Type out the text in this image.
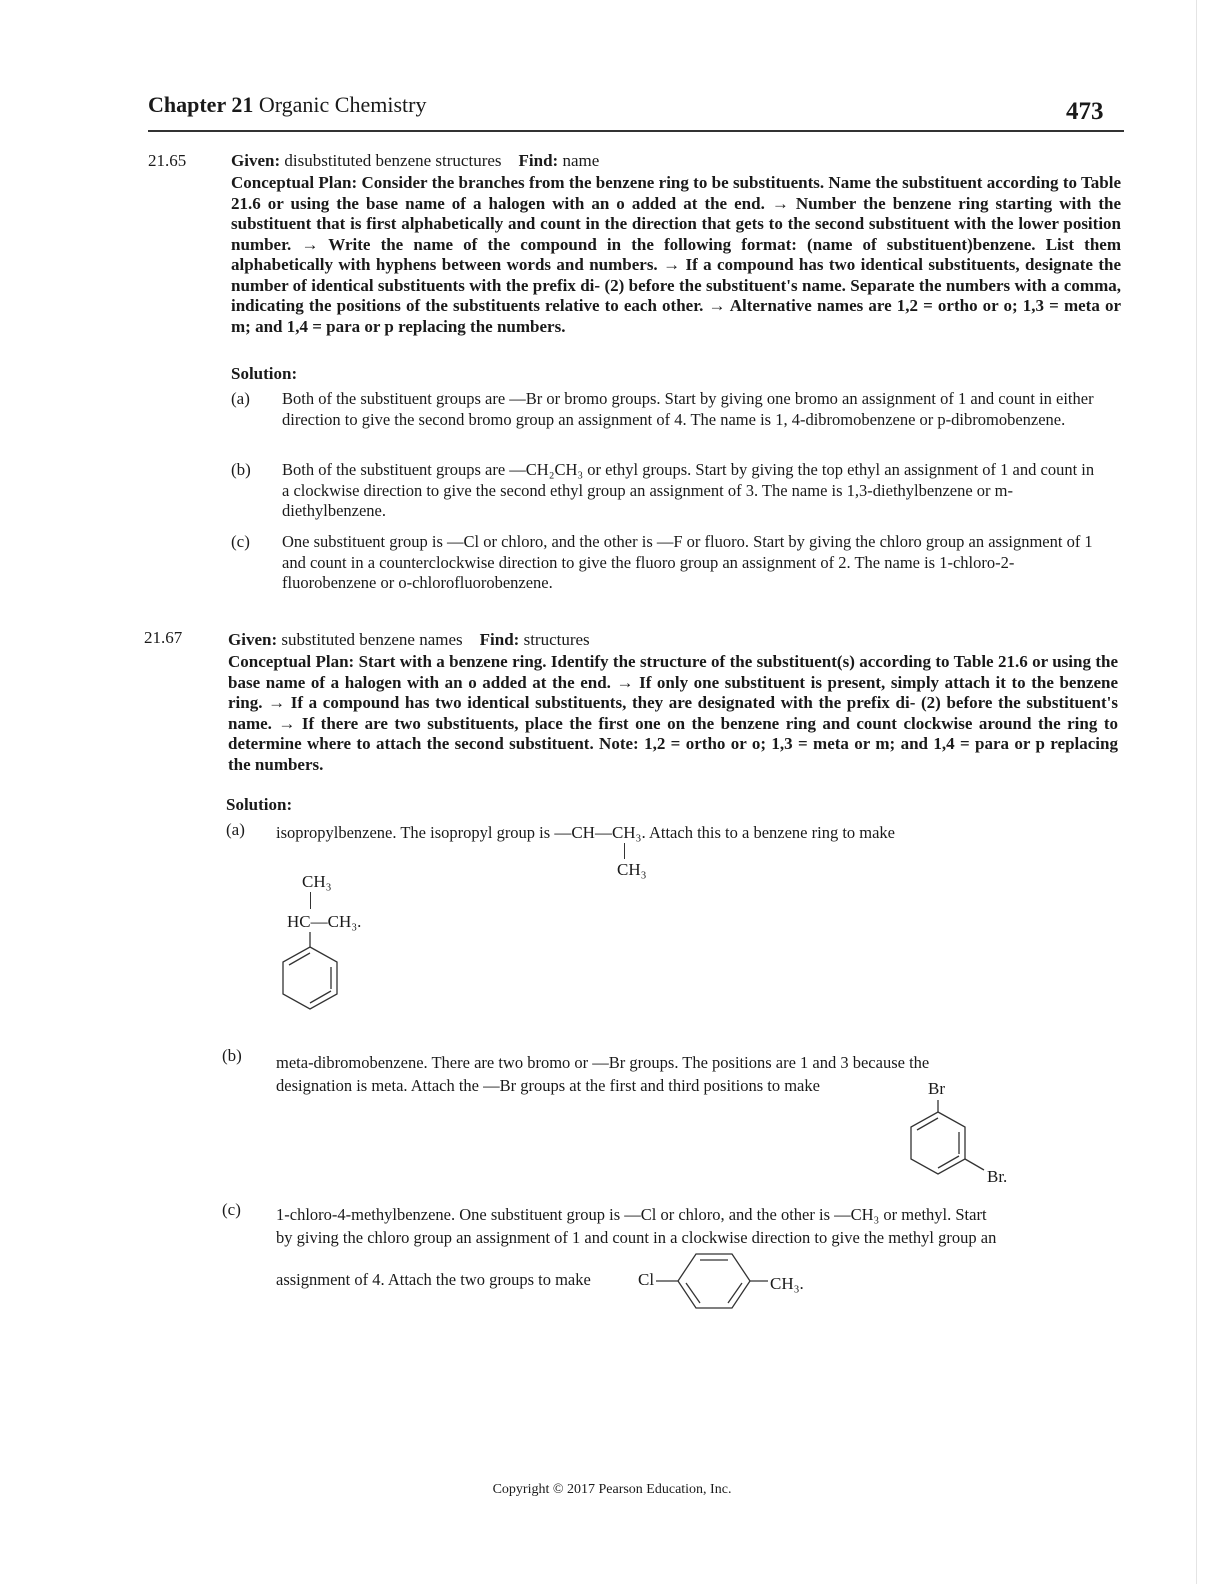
Chapter 21 Organic Chemistry	473
21.65	Given: disubstituted benzene structures Find: name
Conceptual Plan: Consider the branches from the benzene ring to be substituents. Name the substituent according to Table 21.6 or using the base name of a halogen with an o added at the end. → Number the benzene ring starting with the substituent that is first alphabetically and count in the direction that gets to the second substituent with the lower position number. → Write the name of the compound in the following format: (name of substituent)benzene. List them alphabetically with hyphens between words and numbers. → If a compound has two identical substituents, designate the number of identical substituents with the prefix di- (2) before the substituent's name. Separate the numbers with a comma, indicating the positions of the substituents relative to each other. → Alternative names are 1,2 = ortho or o; 1,3 = meta or m; and 1,4 = para or p replacing the numbers.
Solution:
(a) Both of the substituent groups are —Br or bromo groups. Start by giving one bromo an assignment of 1 and count in either direction to give the second bromo group an assignment of 4. The name is 1, 4-dibromobenzene or p-dibromobenzene.
(b) Both of the substituent groups are —CH₂CH₃ or ethyl groups. Start by giving the top ethyl an assignment of 1 and count in a clockwise direction to give the second ethyl group an assignment of 3. The name is 1,3-diethylbenzene or m-diethylbenzene.
(c) One substituent group is —Cl or chloro, and the other is —F or fluoro. Start by giving the chloro group an assignment of 1 and count in a counterclockwise direction to give the fluoro group an assignment of 2. The name is 1-chloro-2-fluorobenzene or o-chlorofluorobenzene.
21.67	Given: substituted benzene names Find: structures
Conceptual Plan: Start with a benzene ring. Identify the structure of the substituent(s) according to Table 21.6 or using the base name of a halogen with an o added at the end. → If only one substituent is present, simply attach it to the benzene ring. → If a compound has two identical substituents, they are designated with the prefix di- (2) before the substituent's name. → If there are two substituents, place the first one on the benzene ring and count clockwise around the ring to determine where to attach the second substituent. Note: 1,2 = ortho or o; 1,3 = meta or m; and 1,4 = para or p replacing the numbers.
Solution:
(a) isopropylbenzene. The isopropyl group is —CH—CH₃. Attach this to a benzene ring to make
CH₃
CH₃
HC—CH₃.
(b) meta-dibromobenzene. There are two bromo or —Br groups. The positions are 1 and 3 because the
designation is meta. Attach the —Br groups at the first and third positions to make	Br
Br.
(c) 1-chloro-4-methylbenzene. One substituent group is —Cl or chloro, and the other is —CH₃ or methyl. Start
by giving the chloro group an assignment of 1 and count in a clockwise direction to give the methyl group an
assignment of 4. Attach the two groups to make	Cl	CH₃.
Copyright © 2017 Pearson Education, Inc.
